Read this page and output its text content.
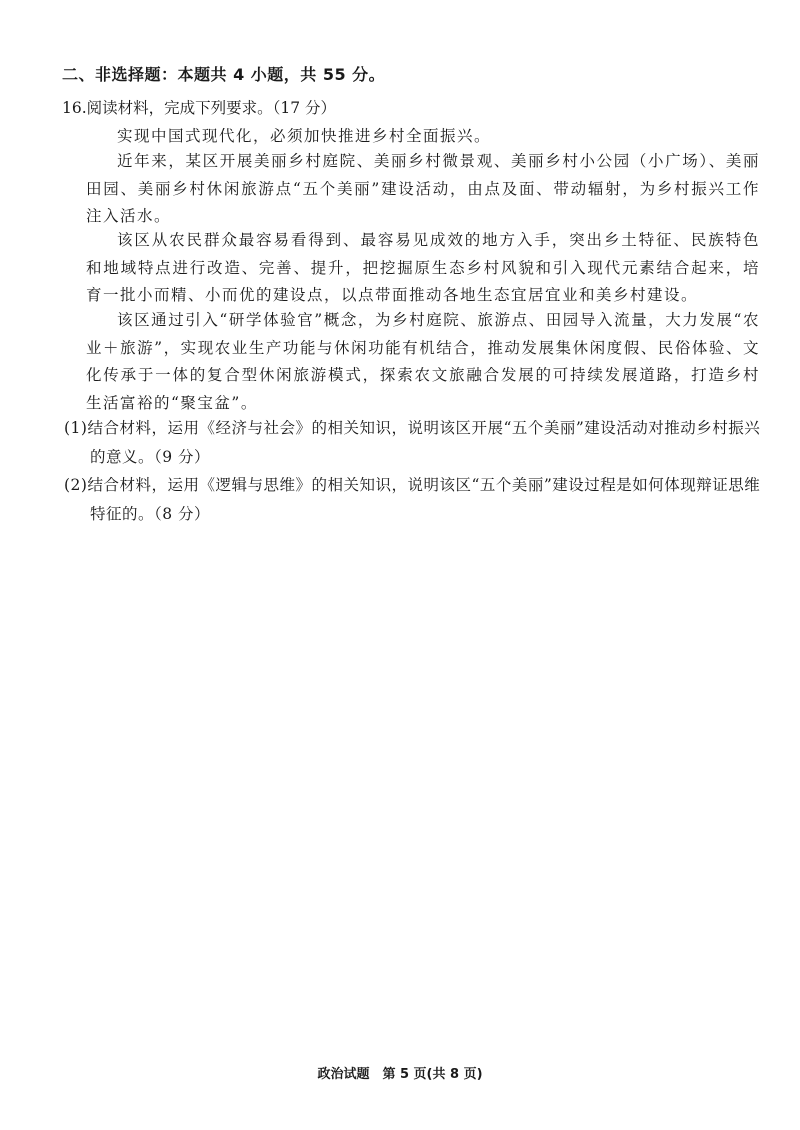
二、非选择题：本题共 4 小题，共 55 分。
16.阅读材料，完成下列要求。（17 分）
实现中国式现代化，必须加快推进乡村全面振兴。
近年来，某区开展美丽乡村庭院、美丽乡村微景观、美丽乡村小公园（小广场）、美丽田园、美丽乡村休闲旅游点“五个美丽”建设活动，由点及面、带动辐射，为乡村振兴工作注入活水。
该区从农民群众最容易看得到、最容易见成效的地方入手，突出乡土特征、民族特色和地域特点进行改造、完善、提升，把挖掘原生态乡村风貌和引入现代元素结合起来，培育一批小而精、小而优的建设点，以点带面推动各地生态宜居宜业和美乡村建设。
该区通过引入“研学体验官”概念，为乡村庭院、旅游点、田园导入流量，大力发展“农业＋旅游”，实现农业生产功能与休闲功能有机结合，推动发展集休闲度假、民俗体验、文化传承于一体的复合型休闲旅游模式，探索农文旅融合发展的可持续发展道路，打造乡村生活富裕的“聚宝盆”。
(1)结合材料，运用《经济与社会》的相关知识，说明该区开展“五个美丽”建设活动对推动乡村振兴的意义。（9 分）
(2)结合材料，运用《逻辑与思维》的相关知识，说明该区“五个美丽”建设过程是如何体现辩证思维特征的。（8 分）
政治试题　第 5 页(共 8 页)
